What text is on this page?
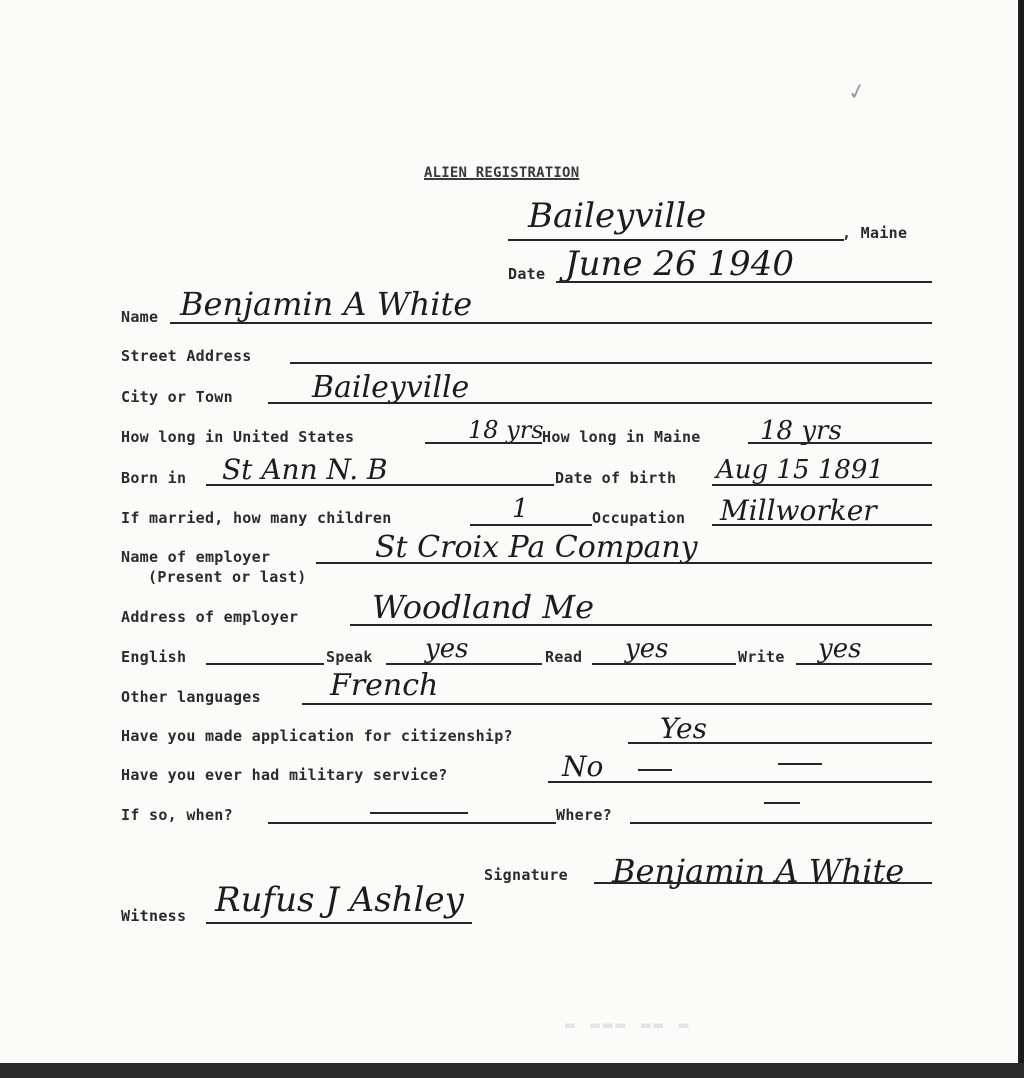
✓
ALIEN REGISTRATION
Baileyville	, Maine
Date June 26 1940
Name Benjamin A White
Street Address
City or Town	Baileyville
How long in United States	18 yrs
How long in Maine 18 yrs
Born in St Ann N. B	Date of birth Aug 15 1891
If married, how many children	1	Occupation Millworker
Name of employer
(Present or last)
St Croix Pa Company
Address of employer Woodland Me
English	Speak yes	Read yes	Write yes
Other languages French
Have you made application for citizenship?	Yes
Have you ever had military service?	No
If so, when?	Where?
Signature Benjamin A White
Witness Rufus J Ashley
▬ ▬▬▬ ▬▬ ▬
